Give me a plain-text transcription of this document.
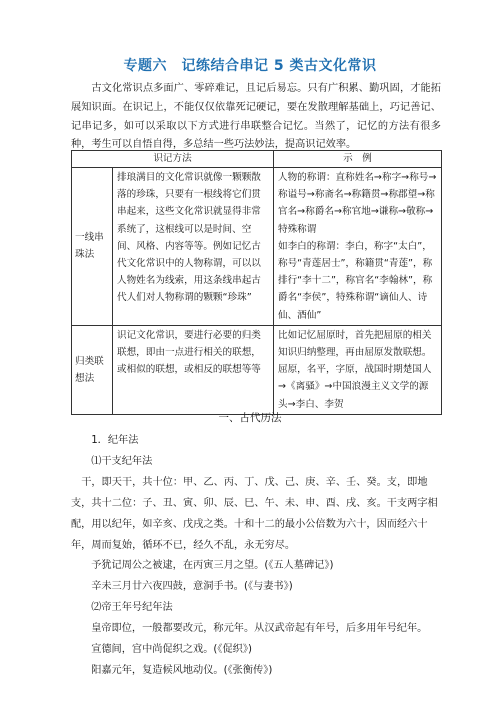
专题六　记练结合串记 5 类古文化常识

古文化常识点多面广、零碎难记，且记后易忘。只有广积累、勤巩固，才能拓展知识面。在识记上，不能仅仅依靠死记硬记，要在发散理解基础上，巧记善记、记串记多，如可以采取以下方式进行串联整合记忆。当然了，记忆的方法有很多种，考生可以自悟自得，多总结一些巧法妙法，提高识记效率。

识记方法		示　例
一线串珠法	排琅满目的文化常识就像一颗颗散落的珍珠，只要有一根线将它们贯串起来，这些文化常识就显得非常系统了，这根线可以是时间、空间、风格、内容等等。例如记忆古代文化常识中的人物称谓，可以以人物姓名为线索，用这条线串起古代人们对人物称谓的颗颗“珍珠”	人物的称谓：直称姓名→称字→称号→称谥号→称斋名→称籍贯→称郡望→称官名→称爵名→称官地→谦称→敬称→特殊称谓
如李白的称谓：李白，称字“太白”，称号“青莲居士”，称籍贯“青莲”，称排行“李十二”，称官名“李翰林”，称爵名“李侯”，特殊称谓“谪仙人、诗仙、酒仙”
归类联想法	识记文化常识，要进行必要的归类联想，即由一点进行相关的联想，或相似的联想，或相反的联想等等	比如记忆屈原时，首先把屈原的相关知识归纳整理，再由屈原发散联想。
屈原，名平，字原，战国时期楚国人→《离骚》→中国浪漫主义文学的源头→李白、李贺
一、古代历法

1．纪年法

⑴干支纪年法

干，即天干，共十位：甲、乙、丙、丁、戊、己、庚、辛、壬、癸。支，即地支，共十二位：子、丑、寅、卯、辰、巳、午、未、申、酉、戌、亥。干支两字相配，用以纪年，如辛亥、戊戌之类。十和十二的最小公倍数为六十，因而经六十年，周而复始，循环不已，经久不乱，永无穷尽。

予犹记周公之被逮，在丙寅三月之望。(《五人墓碑记》)

辛未三月廿六夜四鼓，意洞手书。(《与妻书》)

⑵帝王年号纪年法

皇帝即位，一般都要改元，称元年。从汉武帝起有年号，后多用年号纪年。

宣德间，宫中尚促织之戏。(《促织》)

阳嘉元年，复造候风地动仪。(《张衡传》)
